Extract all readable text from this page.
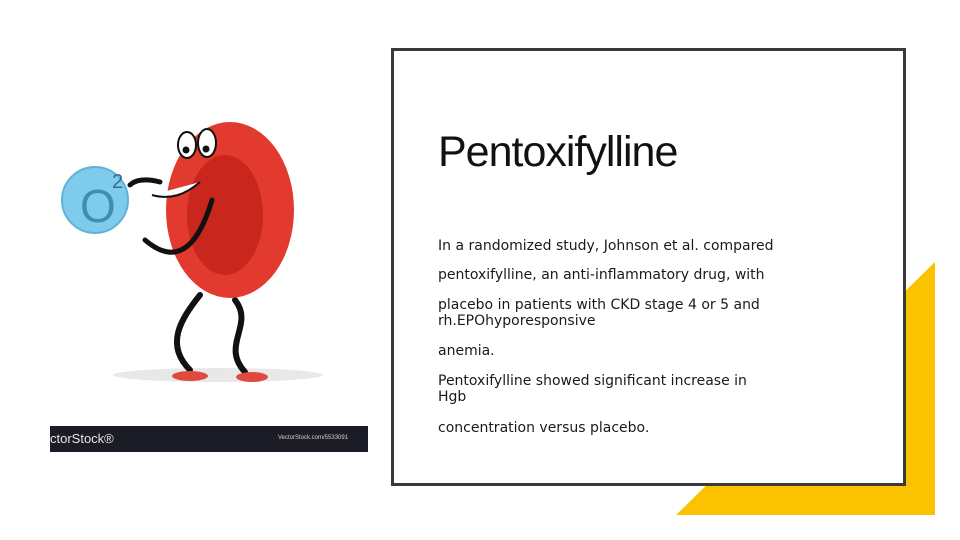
Pentoxifylline

In a randomized study, Johnson et al. compared

pentoxifylline, an anti-inflammatory drug, with

placebo in patients with CKD stage 4 or 5 and rh.EPOhyporesponsive

anemia.

Pentoxifylline showed significant increase in Hgb

concentration versus placebo.

O
2
ctorStock®	VectorStock.com/5533091
